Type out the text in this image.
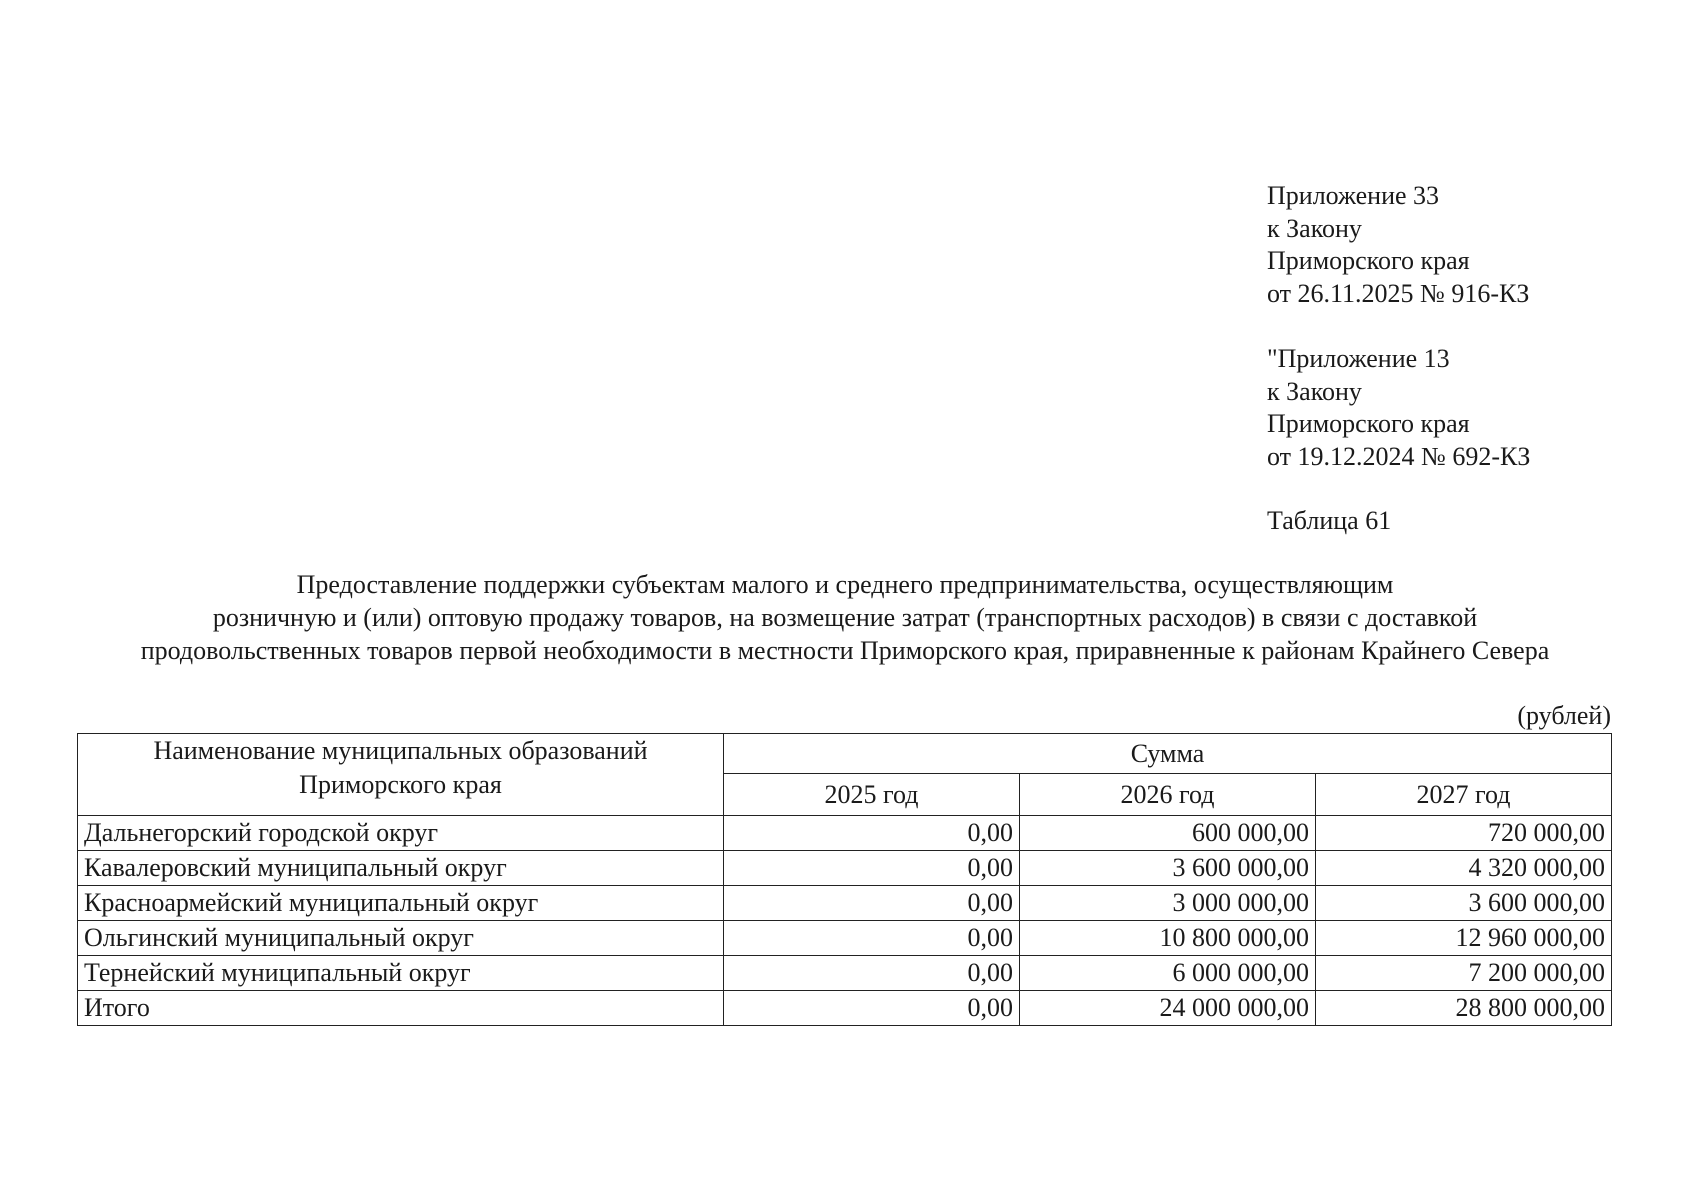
Приложение 33
к Закону
Приморского края
от 26.11.2025 № 916-КЗ
"Приложение 13
к Закону
Приморского края
от 19.12.2024 № 692-КЗ
Таблица 61
Предоставление поддержки субъектам малого и среднего предпринимательства, осуществляющим
розничную и (или) оптовую продажу товаров, на возмещение затрат (транспортных расходов) в связи с доставкой
продовольственных товаров первой необходимости в местности Приморского края, приравненные к районам Крайнего Севера
(рублей)
Наименование муниципальных образований
Приморского края	Сумма		
	2025 год	2026 год	2027 год
Дальнегорский городской округ	0,00	600 000,00	720 000,00
Кавалеровский муниципальный округ	0,00	3 600 000,00	4 320 000,00
Красноармейский муниципальный округ	0,00	3 000 000,00	3 600 000,00
Ольгинский муниципальный округ	0,00	10 800 000,00	12 960 000,00
Тернейский муниципальный округ	0,00	6 000 000,00	7 200 000,00
Итого	0,00	24 000 000,00	28 800 000,00
